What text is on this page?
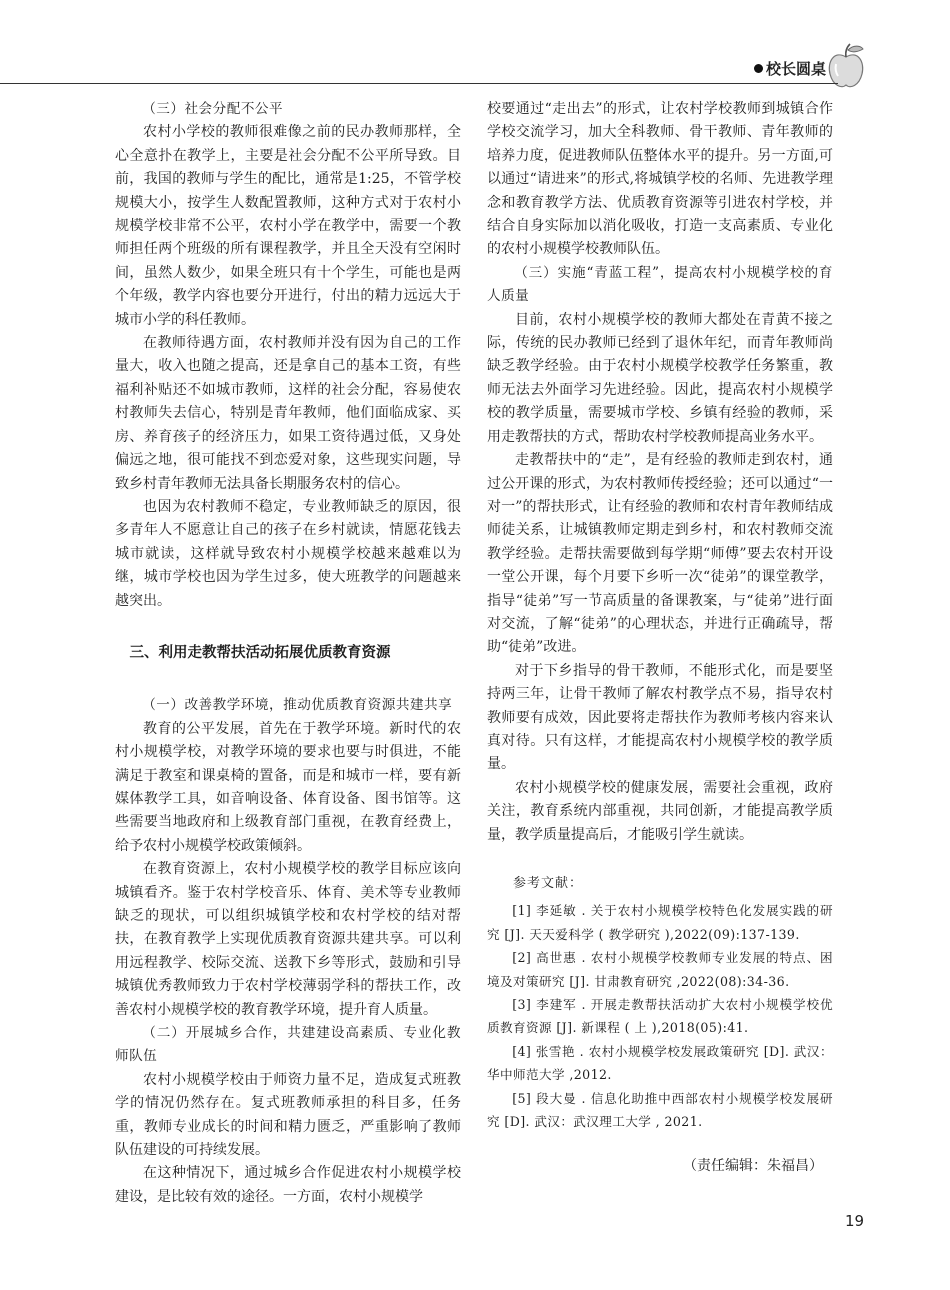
校长圆桌

（三）社会分配不公平

农村小学校的教师很难像之前的民办教师那样，全心全意扑在教学上，主要是社会分配不公平所导致。目前，我国的教师与学生的配比，通常是1:25，不管学校规模大小，按学生人数配置教师，这种方式对于农村小规模学校非常不公平，农村小学在教学中，需要一个教师担任两个班级的所有课程教学，并且全天没有空闲时间，虽然人数少，如果全班只有十个学生，可能也是两个年级，教学内容也要分开进行，付出的精力远远大于城市小学的科任教师。

在教师待遇方面，农村教师并没有因为自己的工作量大，收入也随之提高，还是拿自己的基本工资，有些福利补贴还不如城市教师，这样的社会分配，容易使农村教师失去信心，特别是青年教师，他们面临成家、买房、养育孩子的经济压力，如果工资待遇过低，又身处偏远之地，很可能找不到恋爱对象，这些现实问题，导致乡村青年教师无法具备长期服务农村的信心。

也因为农村教师不稳定，专业教师缺乏的原因，很多青年人不愿意让自己的孩子在乡村就读，情愿花钱去城市就读，这样就导致农村小规模学校越来越难以为继，城市学校也因为学生过多，使大班教学的问题越来越突出。

三、利用走教帮扶活动拓展优质教育资源

（一）改善教学环境，推动优质教育资源共建共享

教育的公平发展，首先在于教学环境。新时代的农村小规模学校，对教学环境的要求也要与时俱进，不能满足于教室和课桌椅的置备，而是和城市一样，要有新媒体教学工具，如音响设备、体育设备、图书馆等。这些需要当地政府和上级教育部门重视，在教育经费上，给予农村小规模学校政策倾斜。

在教育资源上，农村小规模学校的教学目标应该向城镇看齐。鉴于农村学校音乐、体育、美术等专业教师缺乏的现状，可以组织城镇学校和农村学校的结对帮扶，在教育教学上实现优质教育资源共建共享。可以利用远程教学、校际交流、送教下乡等形式，鼓励和引导城镇优秀教师致力于农村学校薄弱学科的帮扶工作，改善农村小规模学校的教育教学环境，提升育人质量。

（二）开展城乡合作，共建建设高素质、专业化教师队伍

农村小规模学校由于师资力量不足，造成复式班教学的情况仍然存在。复式班教师承担的科目多，任务重，教师专业成长的时间和精力匮乏，严重影响了教师队伍建设的可持续发展。

在这种情况下，通过城乡合作促进农村小规模学校建设，是比较有效的途径。一方面，农村小规模学

校要通过“走出去”的形式，让农村学校教师到城镇合作学校交流学习，加大全科教师、骨干教师、青年教师的培养力度，促进教师队伍整体水平的提升。另一方面,可以通过“请进来”的形式,将城镇学校的名师、先进教学理念和教育教学方法、优质教育资源等引进农村学校，并结合自身实际加以消化吸收，打造一支高素质、专业化的农村小规模学校教师队伍。

（三）实施“青蓝工程”，提高农村小规模学校的育人质量

目前，农村小规模学校的教师大都处在青黄不接之际，传统的民办教师已经到了退休年纪，而青年教师尚缺乏教学经验。由于农村小规模学校教学任务繁重，教师无法去外面学习先进经验。因此，提高农村小规模学校的教学质量，需要城市学校、乡镇有经验的教师，采用走教帮扶的方式，帮助农村学校教师提高业务水平。

走教帮扶中的“走”，是有经验的教师走到农村，通过公开课的形式，为农村教师传授经验；还可以通过“一对一”的帮扶形式，让有经验的教师和农村青年教师结成师徒关系，让城镇教师定期走到乡村，和农村教师交流教学经验。走帮扶需要做到每学期“师傅”要去农村开设一堂公开课，每个月要下乡听一次“徒弟”的课堂教学，指导“徒弟”写一节高质量的备课教案，与“徒弟”进行面对交流，了解“徒弟”的心理状态，并进行正确疏导，帮助“徒弟”改进。

对于下乡指导的骨干教师，不能形式化，而是要坚持两三年，让骨干教师了解农村教学点不易，指导农村教师要有成效，因此要将走帮扶作为教师考核内容来认真对待。只有这样，才能提高农村小规模学校的教学质量。

农村小规模学校的健康发展，需要社会重视，政府关注，教育系统内部重视，共同创新，才能提高教学质量，教学质量提高后，才能吸引学生就读。

参考文献：

[1] 李延敏 . 关于农村小规模学校特色化发展实践的研究 [J]. 天天爱科学 ( 教学研究 ),2022(09):137-139.

[2] 高世惠 . 农村小规模学校教师专业发展的特点、困境及对策研究 [J]. 甘肃教育研究 ,2022(08):34-36.

[3] 李建军 . 开展走教帮扶活动扩大农村小规模学校优质教育资源 [J]. 新课程 ( 上 ),2018(05):41.

[4] 张雪艳 . 农村小规模学校发展政策研究 [D]. 武汉：华中师范大学 ,2012.

[5] 段大曼 . 信息化助推中西部农村小规模学校发展研究 [D]. 武汉：武汉理工大学 , 2021.

（责任编辑：朱福昌）
19
